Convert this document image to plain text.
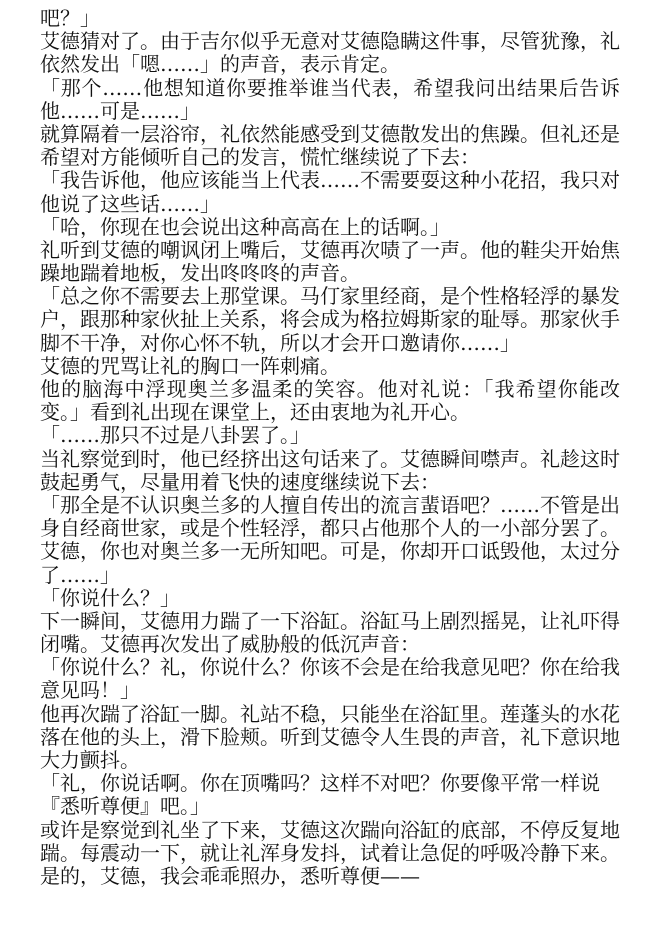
吧？」
艾德猜对了。由于吉尔似乎无意对艾德隐瞒这件事，尽管犹豫，礼
依然发出「嗯……」的声音，表示肯定。
「那个……他想知道你要推举谁当代表，希望我问出结果后告诉
他……可是……」
就算隔着一层浴帘，礼依然能感受到艾德散发出的焦躁。但礼还是
希望对方能倾听自己的发言，慌忙继续说了下去：
「我告诉他，他应该能当上代表……不需要耍这种小花招，我只对
他说了这些话……」
「哈，你现在也会说出这种高高在上的话啊。」
礼听到艾德的嘲讽闭上嘴后，艾德再次啧了一声。他的鞋尖开始焦
躁地踹着地板，发出咚咚咚的声音。
「总之你不需要去上那堂课。马仃家里经商，是个性格轻浮的暴发
户，跟那种家伙扯上关系，将会成为格拉姆斯家的耻辱。那家伙手
脚不干净，对你心怀不轨，所以才会开口邀请你……」
艾德的咒骂让礼的胸口一阵刺痛。
他的脑海中浮现奥兰多温柔的笑容。他对礼说：「我希望你能改
变。」看到礼出现在课堂上，还由衷地为礼开心。
「……那只不过是八卦罢了。」
当礼察觉到时，他已经挤出这句话来了。艾德瞬间噤声。礼趁这时
鼓起勇气，尽量用着飞快的速度继续说下去：
「那全是不认识奥兰多的人擅自传出的流言蜚语吧？……不管是出
身自经商世家，或是个性轻浮，都只占他那个人的一小部分罢了。
艾德，你也对奥兰多一无所知吧。可是，你却开口诋毁他，太过分
了……」
「你说什么？」
下一瞬间，艾德用力踹了一下浴缸。浴缸马上剧烈摇晃，让礼吓得
闭嘴。艾德再次发出了威胁般的低沉声音：
「你说什么？礼，你说什么？你该不会是在给我意见吧？你在给我
意见吗！」
他再次踹了浴缸一脚。礼站不稳，只能坐在浴缸里。莲蓬头的水花
落在他的头上，滑下脸颊。听到艾德令人生畏的声音，礼下意识地
大力颤抖。
「礼，你说话啊。你在顶嘴吗？这样不对吧？你要像平常一样说
『悉听尊便』吧。」
或许是察觉到礼坐了下来，艾德这次踹向浴缸的底部，不停反复地
踹。每震动一下，就让礼浑身发抖，试着让急促的呼吸冷静下来。
是的，艾德，我会乖乖照办，悉听尊便——
